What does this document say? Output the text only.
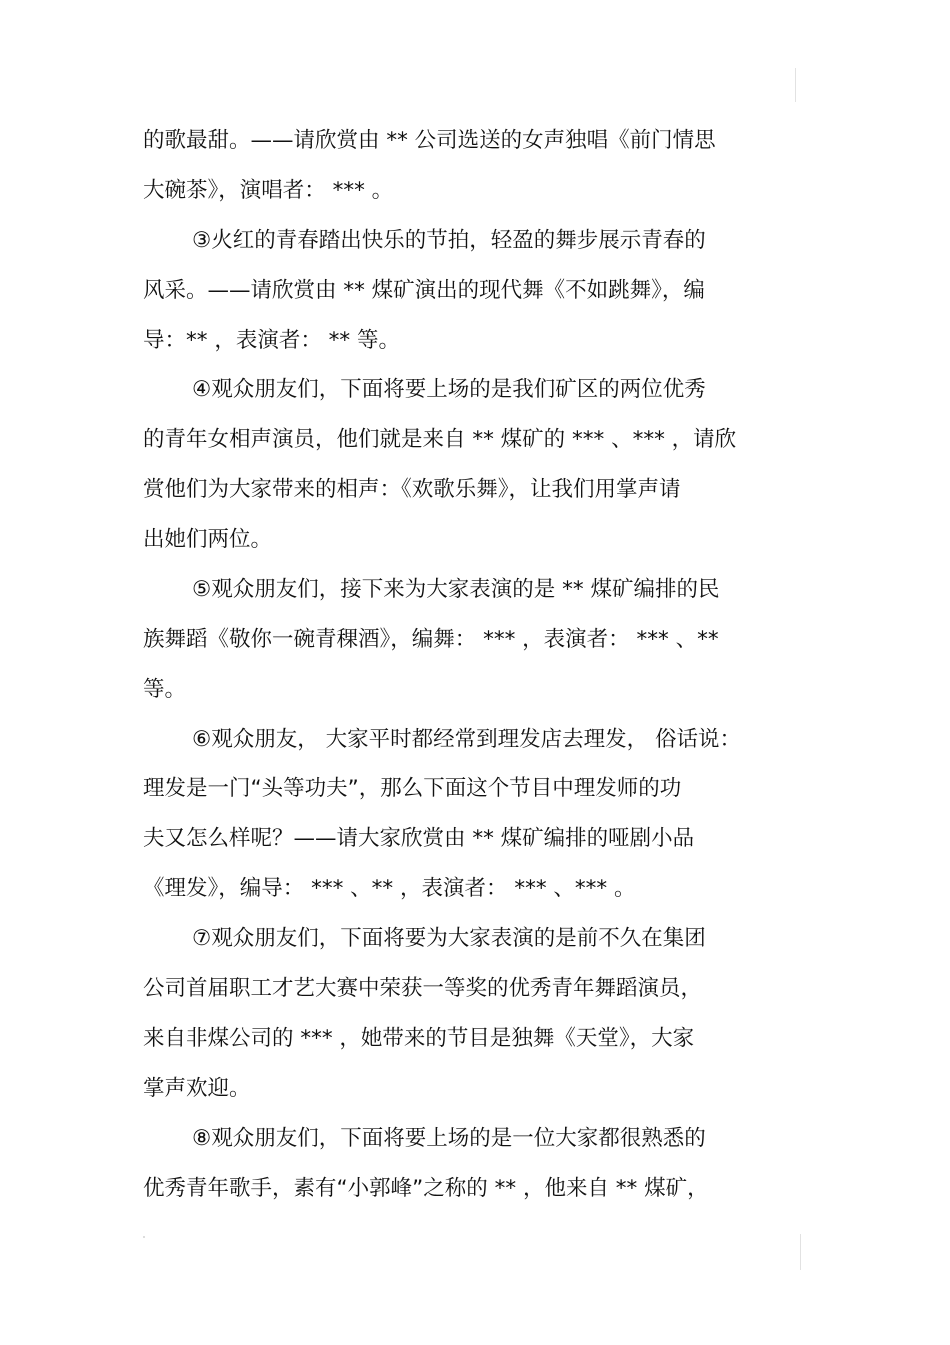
的歌最甜。——请欣赏由 ** 公司选送的女声独唱《前门情思
大碗茶》，演唱者： *** 。
③火红的青春踏出快乐的节拍，轻盈的舞步展示青春的
风采。——请欣赏由 ** 煤矿演出的现代舞《不如跳舞》，编
导：** ，表演者： ** 等。
④观众朋友们，下面将要上场的是我们矿区的两位优秀
的青年女相声演员，他们就是来自 ** 煤矿的 *** 、*** ，请欣
赏他们为大家带来的相声：《欢歌乐舞》，让我们用掌声请
出她们两位。
⑤观众朋友们，接下来为大家表演的是 ** 煤矿编排的民
族舞蹈《敬你一碗青稞酒》，编舞： *** ，表演者： *** 、**
等。
⑥观众朋友， 大家平时都经常到理发店去理发， 俗话说：
理发是一门“头等功夫”，那么下面这个节目中理发师的功
夫又怎么样呢？——请大家欣赏由 ** 煤矿编排的哑剧小品
《理发》，编导： *** 、** ，表演者： *** 、*** 。
⑦观众朋友们，下面将要为大家表演的是前不久在集团
公司首届职工才艺大赛中荣获一等奖的优秀青年舞蹈演员，
来自非煤公司的 *** ，她带来的节目是独舞《天堂》，大家
掌声欢迎。
⑧观众朋友们，下面将要上场的是一位大家都很熟悉的
优秀青年歌手，素有“小郭峰”之称的 ** ，他来自 ** 煤矿，
